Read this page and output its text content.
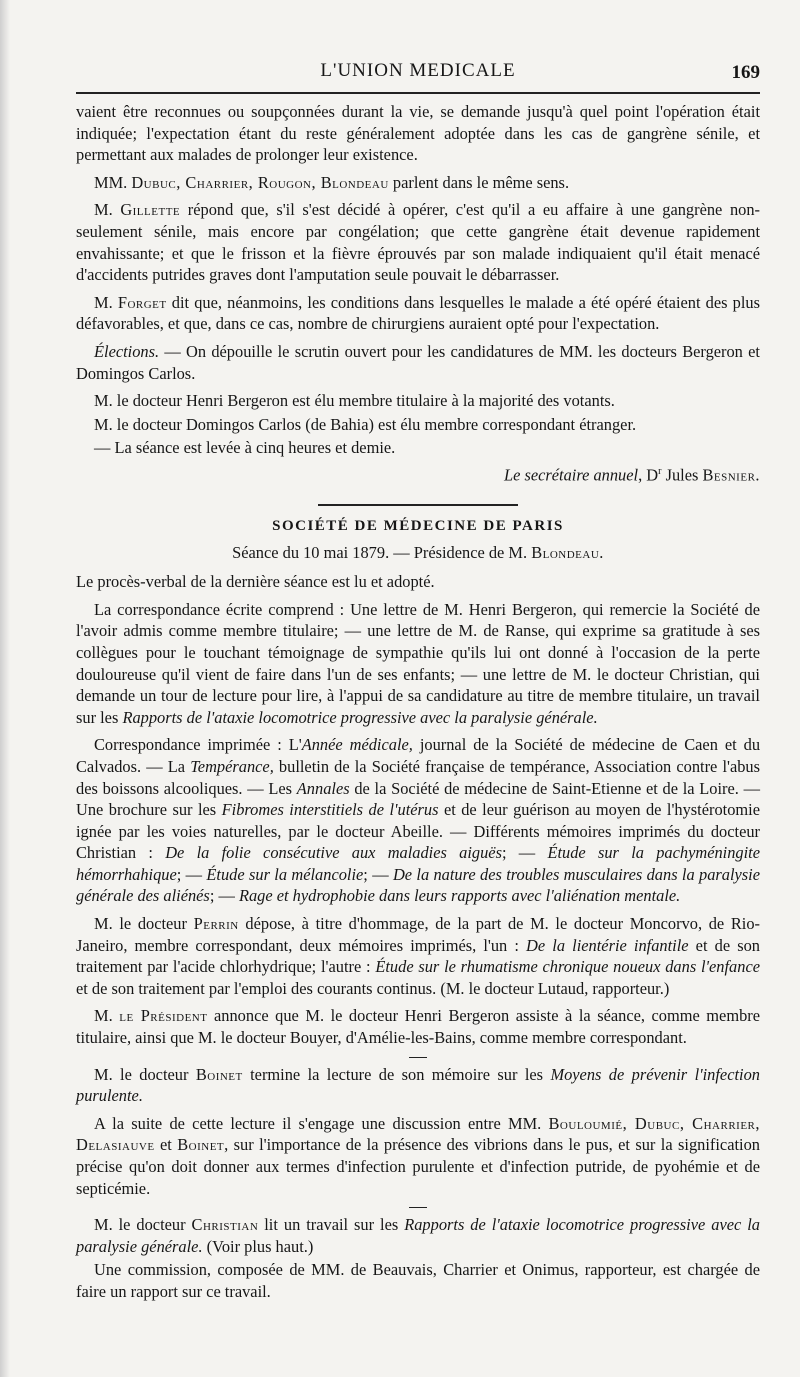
L'UNION MEDICALE	169

vaient être reconnues ou soupçonnées durant la vie, se demande jusqu'à quel point l'opération était indiquée; l'expectation étant du reste généralement adoptée dans les cas de gangrène sénile, et permettant aux malades de prolonger leur existence.

MM. Dubuc, Charrier, Rougon, Blondeau parlent dans le même sens.

M. Gillette répond que, s'il s'est décidé à opérer, c'est qu'il a eu affaire à une gangrène non-seulement sénile, mais encore par congélation; que cette gangrène était devenue rapidement envahissante; et que le frisson et la fièvre éprouvés par son malade indiquaient qu'il était menacé d'accidents putrides graves dont l'amputation seule pouvait le débarrasser.

M. Forget dit que, néanmoins, les conditions dans lesquelles le malade a été opéré étaient des plus défavorables, et que, dans ce cas, nombre de chirurgiens auraient opté pour l'expectation.

Élections. — On dépouille le scrutin ouvert pour les candidatures de MM. les docteurs Bergeron et Domingos Carlos.

M. le docteur Henri Bergeron est élu membre titulaire à la majorité des votants.

M. le docteur Domingos Carlos (de Bahia) est élu membre correspondant étranger.

— La séance est levée à cinq heures et demie.

Le secrétaire annuel, $D^r$ Jules Besnier.

SOCIÉTÉ DE MÉDECINE DE PARIS
Séance du 10 mai 1879. — Présidence de M. Blondeau.

Le procès-verbal de la dernière séance est lu et adopté.

La correspondance écrite comprend : Une lettre de M. Henri Bergeron, qui remercie la Société de l'avoir admis comme membre titulaire; — une lettre de M. de Ranse, qui exprime sa gratitude à ses collègues pour le touchant témoignage de sympathie qu'ils lui ont donné à l'occasion de la perte douloureuse qu'il vient de faire dans l'un de ses enfants; — une lettre de M. le docteur Christian, qui demande un tour de lecture pour lire, à l'appui de sa candidature au titre de membre titulaire, un travail sur les Rapports de l'ataxie locomotrice progressive avec la paralysie générale.

Correspondance imprimée : L'Année médicale, journal de la Société de médecine de Caen et du Calvados. — La Tempérance, bulletin de la Société française de tempérance, Association contre l'abus des boissons alcooliques. — Les Annales de la Société de médecine de Saint-Etienne et de la Loire. — Une brochure sur les Fibromes interstitiels de l'utérus et de leur guérison au moyen de l'hystérotomie ignée par les voies naturelles, par le docteur Abeille. — Différents mémoires imprimés du docteur Christian : De la folie consécutive aux maladies aiguës; — Étude sur la pachyméningite hémorrhahique; — Étude sur la mélancolie; — De la nature des troubles musculaires dans la paralysie générale des aliénés; — Rage et hydrophobie dans leurs rapports avec l'aliénation mentale.

M. le docteur Perrin dépose, à titre d'hommage, de la part de M. le docteur Moncorvo, de Rio-Janeiro, membre correspondant, deux mémoires imprimés, l'un : De la lientérie infantile et de son traitement par l'acide chlorhydrique; l'autre : Étude sur le rhumatisme chronique noueux dans l'enfance et de son traitement par l'emploi des courants continus. (M. le docteur Lutaud, rapporteur.)

M. le Président annonce que M. le docteur Henri Bergeron assiste à la séance, comme membre titulaire, ainsi que M. le docteur Bouyer, d'Amélie-les-Bains, comme membre correspondant.

M. le docteur Boinet termine la lecture de son mémoire sur les Moyens de prévenir l'infection purulente.

A la suite de cette lecture il s'engage une discussion entre MM. Bouloumié, Dubuc, Charrier, Delasiauve et Boinet, sur l'importance de la présence des vibrions dans le pus, et sur la signification précise qu'on doit donner aux termes d'infection purulente et d'infection putride, de pyohémie et de septicémie.

M. le docteur Christian lit un travail sur les Rapports de l'ataxie locomotrice progressive avec la paralysie générale. (Voir plus haut.)

Une commission, composée de MM. de Beauvais, Charrier et Onimus, rapporteur, est chargée de faire un rapport sur ce travail.
